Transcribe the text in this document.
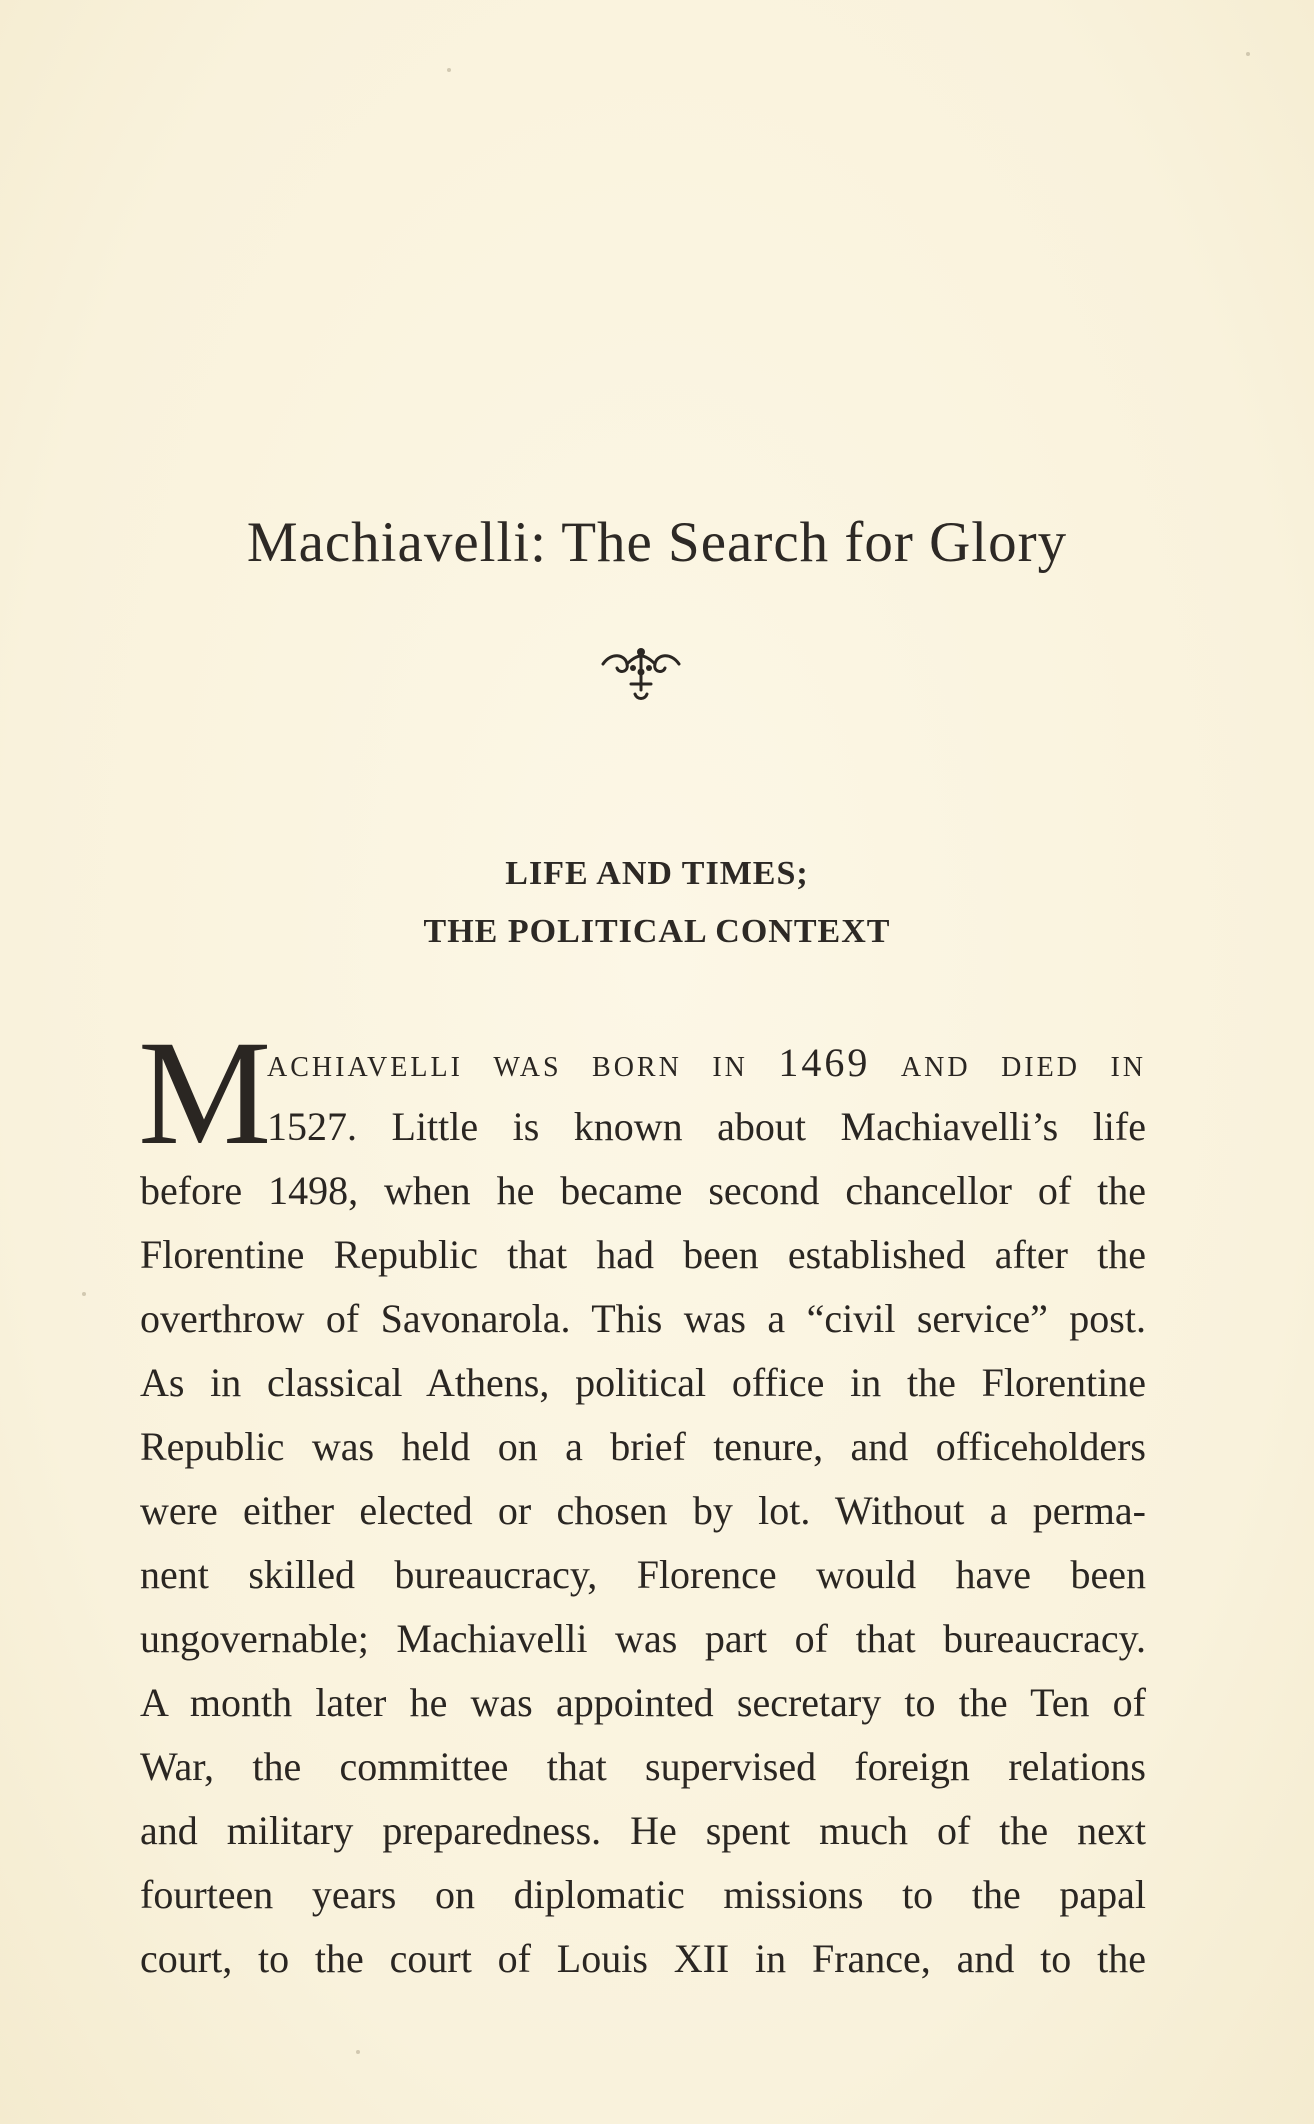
Machiavelli: The Search for Glory
LIFE AND TIMES;
THE POLITICAL CONTEXT
M
achiavelli was born in 1469 and died in
1527. Little is known about Machiavelli’s life
before 1498, when he became second chancellor of the
Florentine Republic that had been established after the
overthrow of Savonarola. This was a “civil service” post.
As in classical Athens, political office in the Florentine
Republic was held on a brief tenure, and officeholders
were either elected or chosen by lot. Without a perma-
nent skilled bureaucracy, Florence would have been
ungovernable; Machiavelli was part of that bureaucracy.
A month later he was appointed secretary to the Ten of
War, the committee that supervised foreign relations
and military preparedness. He spent much of the next
fourteen years on diplomatic missions to the papal
court, to the court of Louis XII in France, and to the
